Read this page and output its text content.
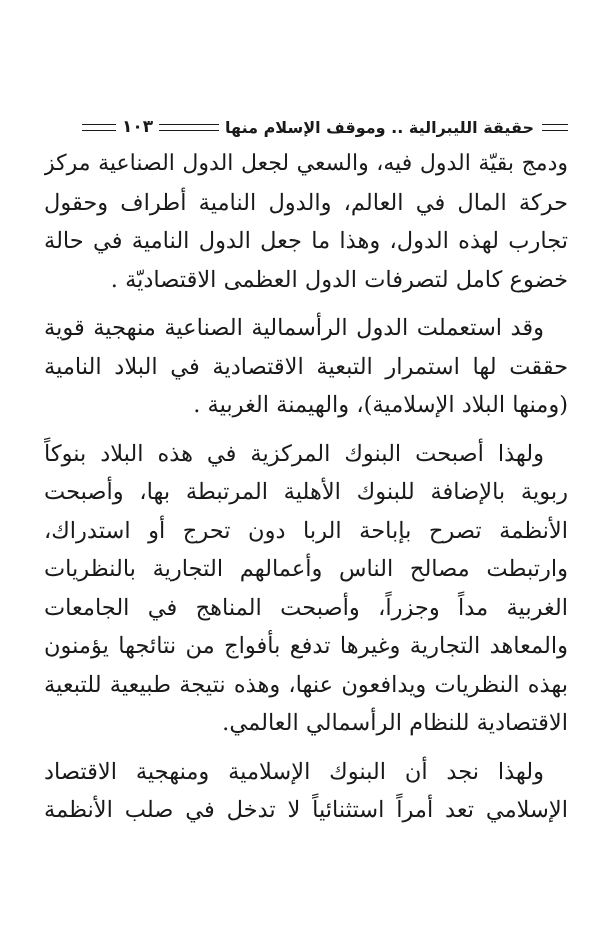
حقيقة الليبرالية .. وموقف الإسلام منها
١٠٣
ودمج بقيّة الدول فيه، والسعي لجعل الدول الصناعية مركز
حركة المال في العالم، والدول النامية أطراف وحقول
تجارب لهذه الدول، وهذا ما جعل الدول النامية في حالة
خضوع كامل لتصرفات الدول العظمى الاقتصاديّة .
وقد استعملت الدول الرأسمالية الصناعية منهجية قوية
حققت لها استمرار التبعية الاقتصادية في البلاد النامية
(ومنها البلاد الإسلامية)، والهيمنة الغربية .
ولهذا أصبحت البنوك المركزية في هذه البلاد بنوكاً
ربوية بالإضافة للبنوك الأهلية المرتبطة بها، وأصبحت
الأنظمة تصرح بإباحة الربا دون تحرج أو استدراك،
وارتبطت مصالح الناس وأعمالهم التجارية بالنظريات
الغربية مداً وجزراً، وأصبحت المناهج في الجامعات
والمعاهد التجارية وغيرها تدفع بأفواج من نتائجها يؤمنون
بهذه النظريات ويدافعون عنها، وهذه نتيجة طبيعية للتبعية
الاقتصادية للنظام الرأسمالي العالمي.
ولهذا نجد أن البنوك الإسلامية ومنهجية الاقتصاد
الإسلامي تعد أمراً استثنائياً لا تدخل في صلب الأنظمة
